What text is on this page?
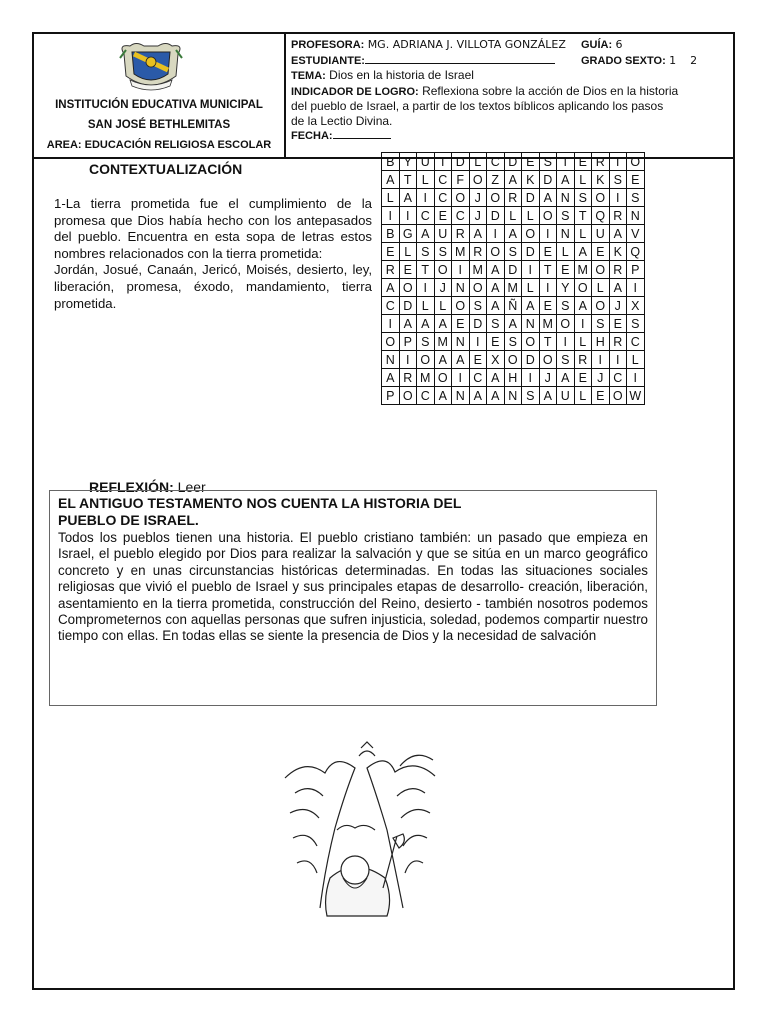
INSTITUCIÓN EDUCATIVA MUNICIPAL
SAN JOSÉ BETHLEMITAS
AREA: EDUCACIÓN RELIGIOSA ESCOLAR
PROFESORA: MG. ADRIANA J. VILLOTA GONZÁLEZ GUÍA: 6
ESTUDIANTE:	GRADO SEXTO: 1    2
TEMA: Dios en la historia de Israel
INDICADOR DE LOGRO: Reflexiona sobre la acción de Dios en la historia
del pueblo de Israel, a partir de los textos bíblicos aplicando los pasos
de la Lectio Divina.
FECHA:
CONTEXTUALIZACIÓN
1-La tierra prometida fue el cumplimiento de la promesa que Dios había hecho con los antepasados del pueblo. Encuentra en esta sopa de letras estos nombres relacionados con la tierra prometida:
Jordán, Josué, Canaán, Jericó, Moisés, desierto, ley, liberación, promesa, éxodo, mandamiento, tierra prometida.
B	Y	U	I	D	L	C	D	E	S	I	E	R	T	O
A	T	L	C	F	O	Z	A	K	D	A	L	K	S	E
L	A	I	C	O	J	O	R	D	A	N	S	O	I	S
I	I	C	E	C	J	D	L	L	O	S	T	Q	R	N
B	G	A	U	R	A	I	A	O	I	N	L	U	A	V
E	L	S	S	M	R	O	S	D	E	L	A	E	K	Q
R	E	T	O	I	M	A	D	I	T	E	M	O	R	P
A	O	I	J	N	O	A	M	L	I	Y	O	L	A	I
C	D	L	L	O	S	A	Ñ	A	E	S	A	O	J	X
I	A	A	A	E	D	S	A	N	M	O	I	S	E	S
O	P	S	M	N	I	E	S	O	T	I	L	H	R	C
N	I	O	A	A	E	X	O	D	O	S	R	I	I	L
A	R	M	O	I	C	A	H	I	J	A	E	J	C	I
P	O	C	A	N	A	A	N	S	A	U	L	E	O	W
REFLEXIÓN: Leer
EL ANTIGUO TESTAMENTO NOS CUENTA LA HISTORIA DEL PUEBLO DE ISRAEL.
Todos los pueblos tienen una historia. El pueblo cristiano también: un pasado que empieza en Israel, el pueblo elegido por Dios para realizar la salvación y que se sitúa en un marco geográfico concreto y en unas circunstancias históricas determinadas. En todas las situaciones sociales religiosas que vivió el pueblo de Israel y sus principales etapas de desarrollo- creación, liberación, asentamiento en la tierra prometida, construcción del Reino, desierto - también nosotros podemos Comprometernos con aquellas personas que sufren injusticia, soledad, podemos compartir nuestro tiempo con ellas. En todas ellas se siente la presencia de Dios y la necesidad de salvación
